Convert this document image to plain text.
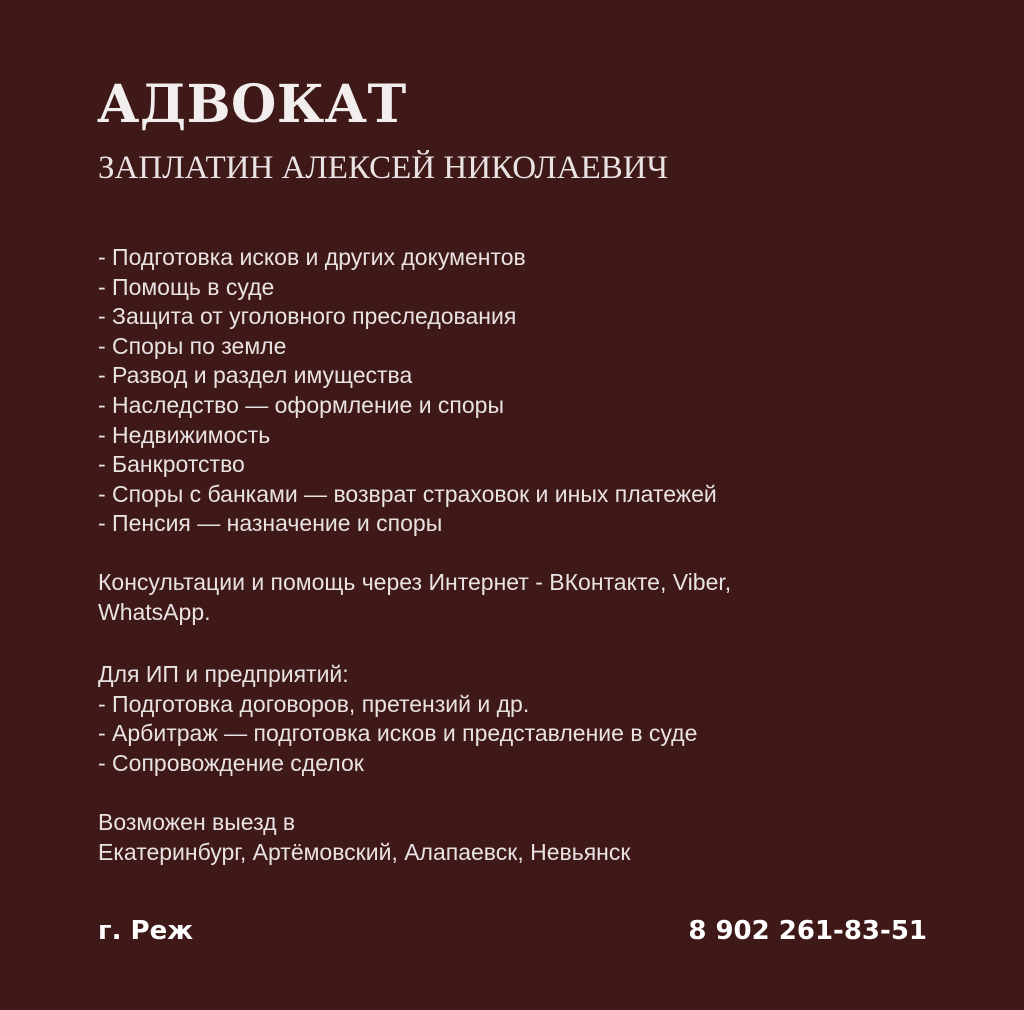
АДВОКАТ
ЗАПЛАТИН АЛЕКСЕЙ НИКОЛАЕВИЧ
- Подготовка исков и других документов
- Помощь в суде
- Защита от уголовного преследования
- Споры по земле
- Развод и раздел имущества
- Наследство — оформление и споры
- Недвижимость
- Банкротство
- Споры с банками — возврат страховок и иных платежей
- Пенсия — назначение и споры
Консультации и помощь через Интернет - ВКонтакте, Viber,
WhatsApp.

Для ИП и предприятий:

- Подготовка договоров, претензий и др.
- Арбитраж — подготовка исков и представление в суде
- Сопровождение сделок

Возможен выезд в

Екатеринбург, Артёмовский, Алапаевск, Невьянск

г. Реж	8 902 261-83-51
